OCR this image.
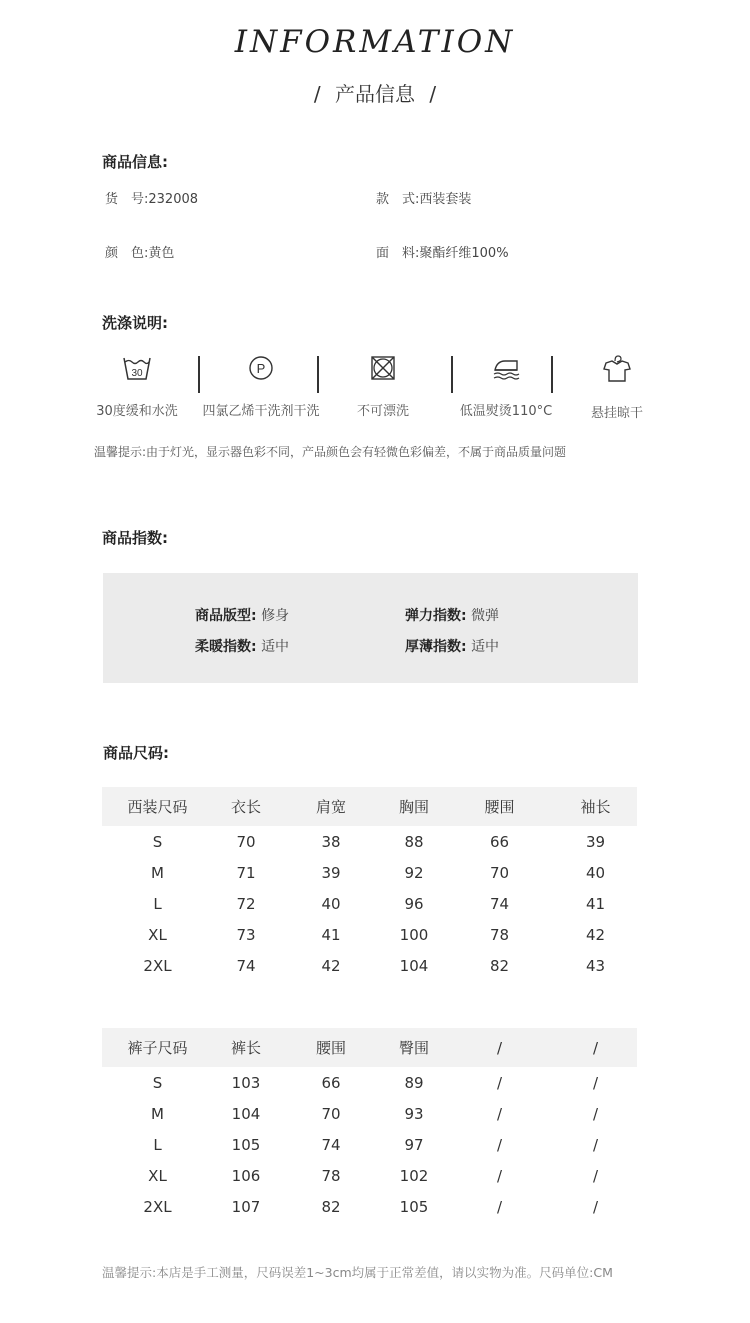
INFORMATION
/ 产品信息 /
商品信息:
货　号:232008	款　式:西装套装
颜　色:黄色	面　料:聚酯纤维100%
洗涤说明:
30
30度缓和水洗
P
四氯乙烯干洗剂干洗	不可漂洗	低温熨烫110°C	悬挂晾干
温馨提示:由于灯光，显示器色彩不同，产品颜色会有轻微色彩偏差，不属于商品质量问题
商品指数:
商品版型: 修身	弹力指数: 微弹
柔暖指数: 适中	厚薄指数: 适中
商品尺码:
西装尺码	衣长	肩宽	胸围	腰围	袖长
S	70	38	88	66	39
M	71	39	92	70	40
L	72	40	96	74	41
XL	73	41	100	78	42
2XL	74	42	104	82	43
裤子尺码	裤长	腰围	臀围	/	/
S	103	66	89	/	/
M	104	70	93	/	/
L	105	74	97	/	/
XL	106	78	102	/	/
2XL	107	82	105	/	/
温馨提示:本店是手工测量，尺码误差1~3cm均属于正常差值，请以实物为准。尺码单位:CM
